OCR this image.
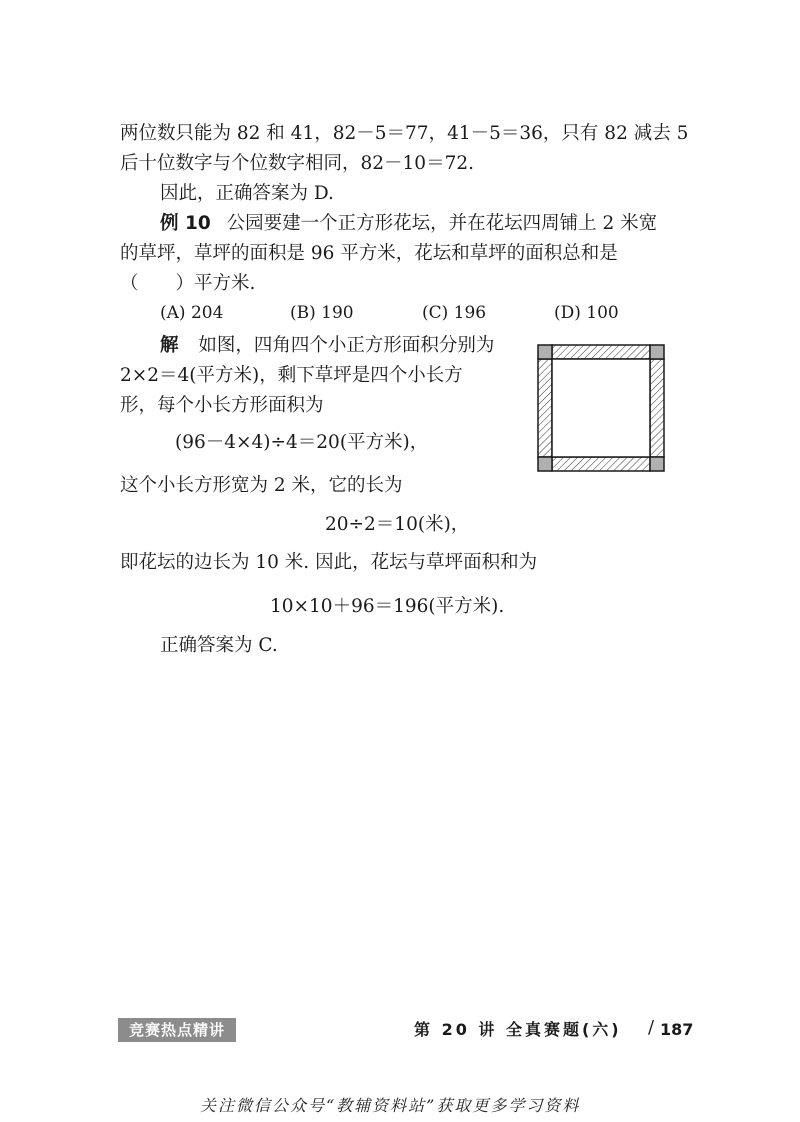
两位数只能为 82 和 41，82－5＝77，41－5＝36，只有 82 减去 5
后十位数字与个位数字相同，82－10＝72.
因此，正确答案为 D.
例 10 公园要建一个正方形花坛，并在花坛四周铺上 2 米宽
的草坪，草坪的面积是 96 平方米，花坛和草坪的面积总和是
（　　）平方米.
(A) 204	(B) 190	(C) 196	(D) 100
解 如图，四角四个小正方形面积分别为
2×2＝4(平方米)，剩下草坪是四个小长方
形，每个小长方形面积为
(96－4×4)÷4＝20(平方米)，
这个小长方形宽为 2 米，它的长为
20÷2＝10(米)，
即花坛的边长为 10 米. 因此，花坛与草坪面积和为
10×10＋96＝196(平方米).
正确答案为 C.
竞赛热点精讲	第 20 讲 全真赛题(六) / 187
关注微信公众号“教辅资料站”获取更多学习资料
